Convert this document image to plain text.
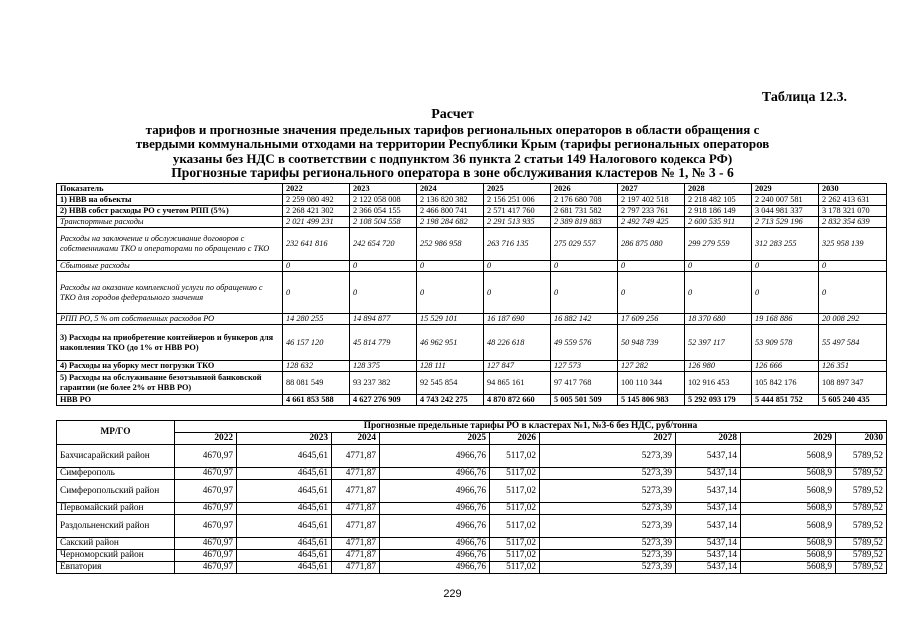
Таблица 12.3.
Расчет
тарифов и прогнозные значения предельных тарифов региональных операторов в области обращения с
твердыми коммунальными отходами на территории Республики Крым (тарифы региональных операторов
указаны без НДС в соответствии с подпунктом 36 пункта 2 статьи 149 Налогового кодекса РФ)
Прогнозные тарифы регионального оператора в зоне обслуживания кластеров № 1, № 3 - 6
Показатель	2022	2023	2024	2025	2026	2027	2028	2029	2030
1) НВВ на объекты	2 259 080 492	2 122 058 008	2 136 820 382	2 156 251 006	2 176 680 708	2 197 402 518	2 218 482 105	2 240 007 581	2 262 413 631
2) НВВ собст расходы РО с учетом РПП (5%)	2 268 421 302	2 366 054 155	2 466 800 741	2 571 417 760	2 681 731 582	2 797 233 761	2 918 186 149	3 044 981 337	3 178 321 070
Транспортные расходы	2 021 499 231	2 108 504 558	2 198 284 682	2 291 513 935	2 389 819 883	2 492 749 425	2 600 535 911	2 713 529 196	2 832 354 639
Расходы на заключение и обслуживание договоров с собственниками ТКО и операторами по обращению с ТКО	232 641 816	242 654 720	252 986 958	263 716 135	275 029 557	286 875 080	299 279 559	312 283 255	325 958 139
Сбытовые расходы	0	0	0	0	0	0	0	0	0
Расходы на оказание комплексной услуги по обращению с ТКО для городов федерального значения	0	0	0	0	0	0	0	0	0
РПП РО, 5 % от собственных расходов РО	14 280 255	14 894 877	15 529 101	16 187 690	16 882 142	17 609 256	18 370 680	19 168 886	20 008 292
3) Расходы на приобретение контейнеров и бункеров для накопления ТКО (до 1% от НВВ РО)	46 157 120	45 814 779	46 962 951	48 226 618	49 559 576	50 948 739	52 397 117	53 909 578	55 497 584
4) Расходы на уборку мест погрузки ТКО	128 632	128 375	128 111	127 847	127 573	127 282	126 980	126 666	126 351
5) Расходы на обслуживание безотзывной банковской гарантии (не более 2% от НВВ РО)	88 081 549	93 237 382	92 545 854	94 865 161	97 417 768	100 110 344	102 916 453	105 842 176	108 897 347
НВВ РО	4 661 853 588	4 627 276 909	4 743 242 275	4 870 872 660	5 005 501 509	5 145 806 983	5 292 093 179	5 444 851 752	5 605 240 435
МР/ГО	Прогнозные предельные тарифы РО в кластерах №1, №3-6 без НДС, руб/тонна								
	2022	2023	2024	2025	2026	2027	2028	2029	2030
Бахчисарайский район	4670,97	4645,61	4771,87	4966,76	5117,02	5273,39	5437,14	5608,9	5789,52
Симферополь	4670,97	4645,61	4771,87	4966,76	5117,02	5273,39	5437,14	5608,9	5789,52
Симферопольский район	4670,97	4645,61	4771,87	4966,76	5117,02	5273,39	5437,14	5608,9	5789,52
Первомайский район	4670,97	4645,61	4771,87	4966,76	5117,02	5273,39	5437,14	5608,9	5789,52
Раздольненский район	4670,97	4645,61	4771,87	4966,76	5117,02	5273,39	5437,14	5608,9	5789,52
Сакский район	4670,97	4645,61	4771,87	4966,76	5117,02	5273,39	5437,14	5608,9	5789,52
Черноморский район	4670,97	4645,61	4771,87	4966,76	5117,02	5273,39	5437,14	5608,9	5789,52
Евпатория	4670,97	4645,61	4771,87	4966,76	5117,02	5273,39	5437,14	5608,9	5789,52
229
